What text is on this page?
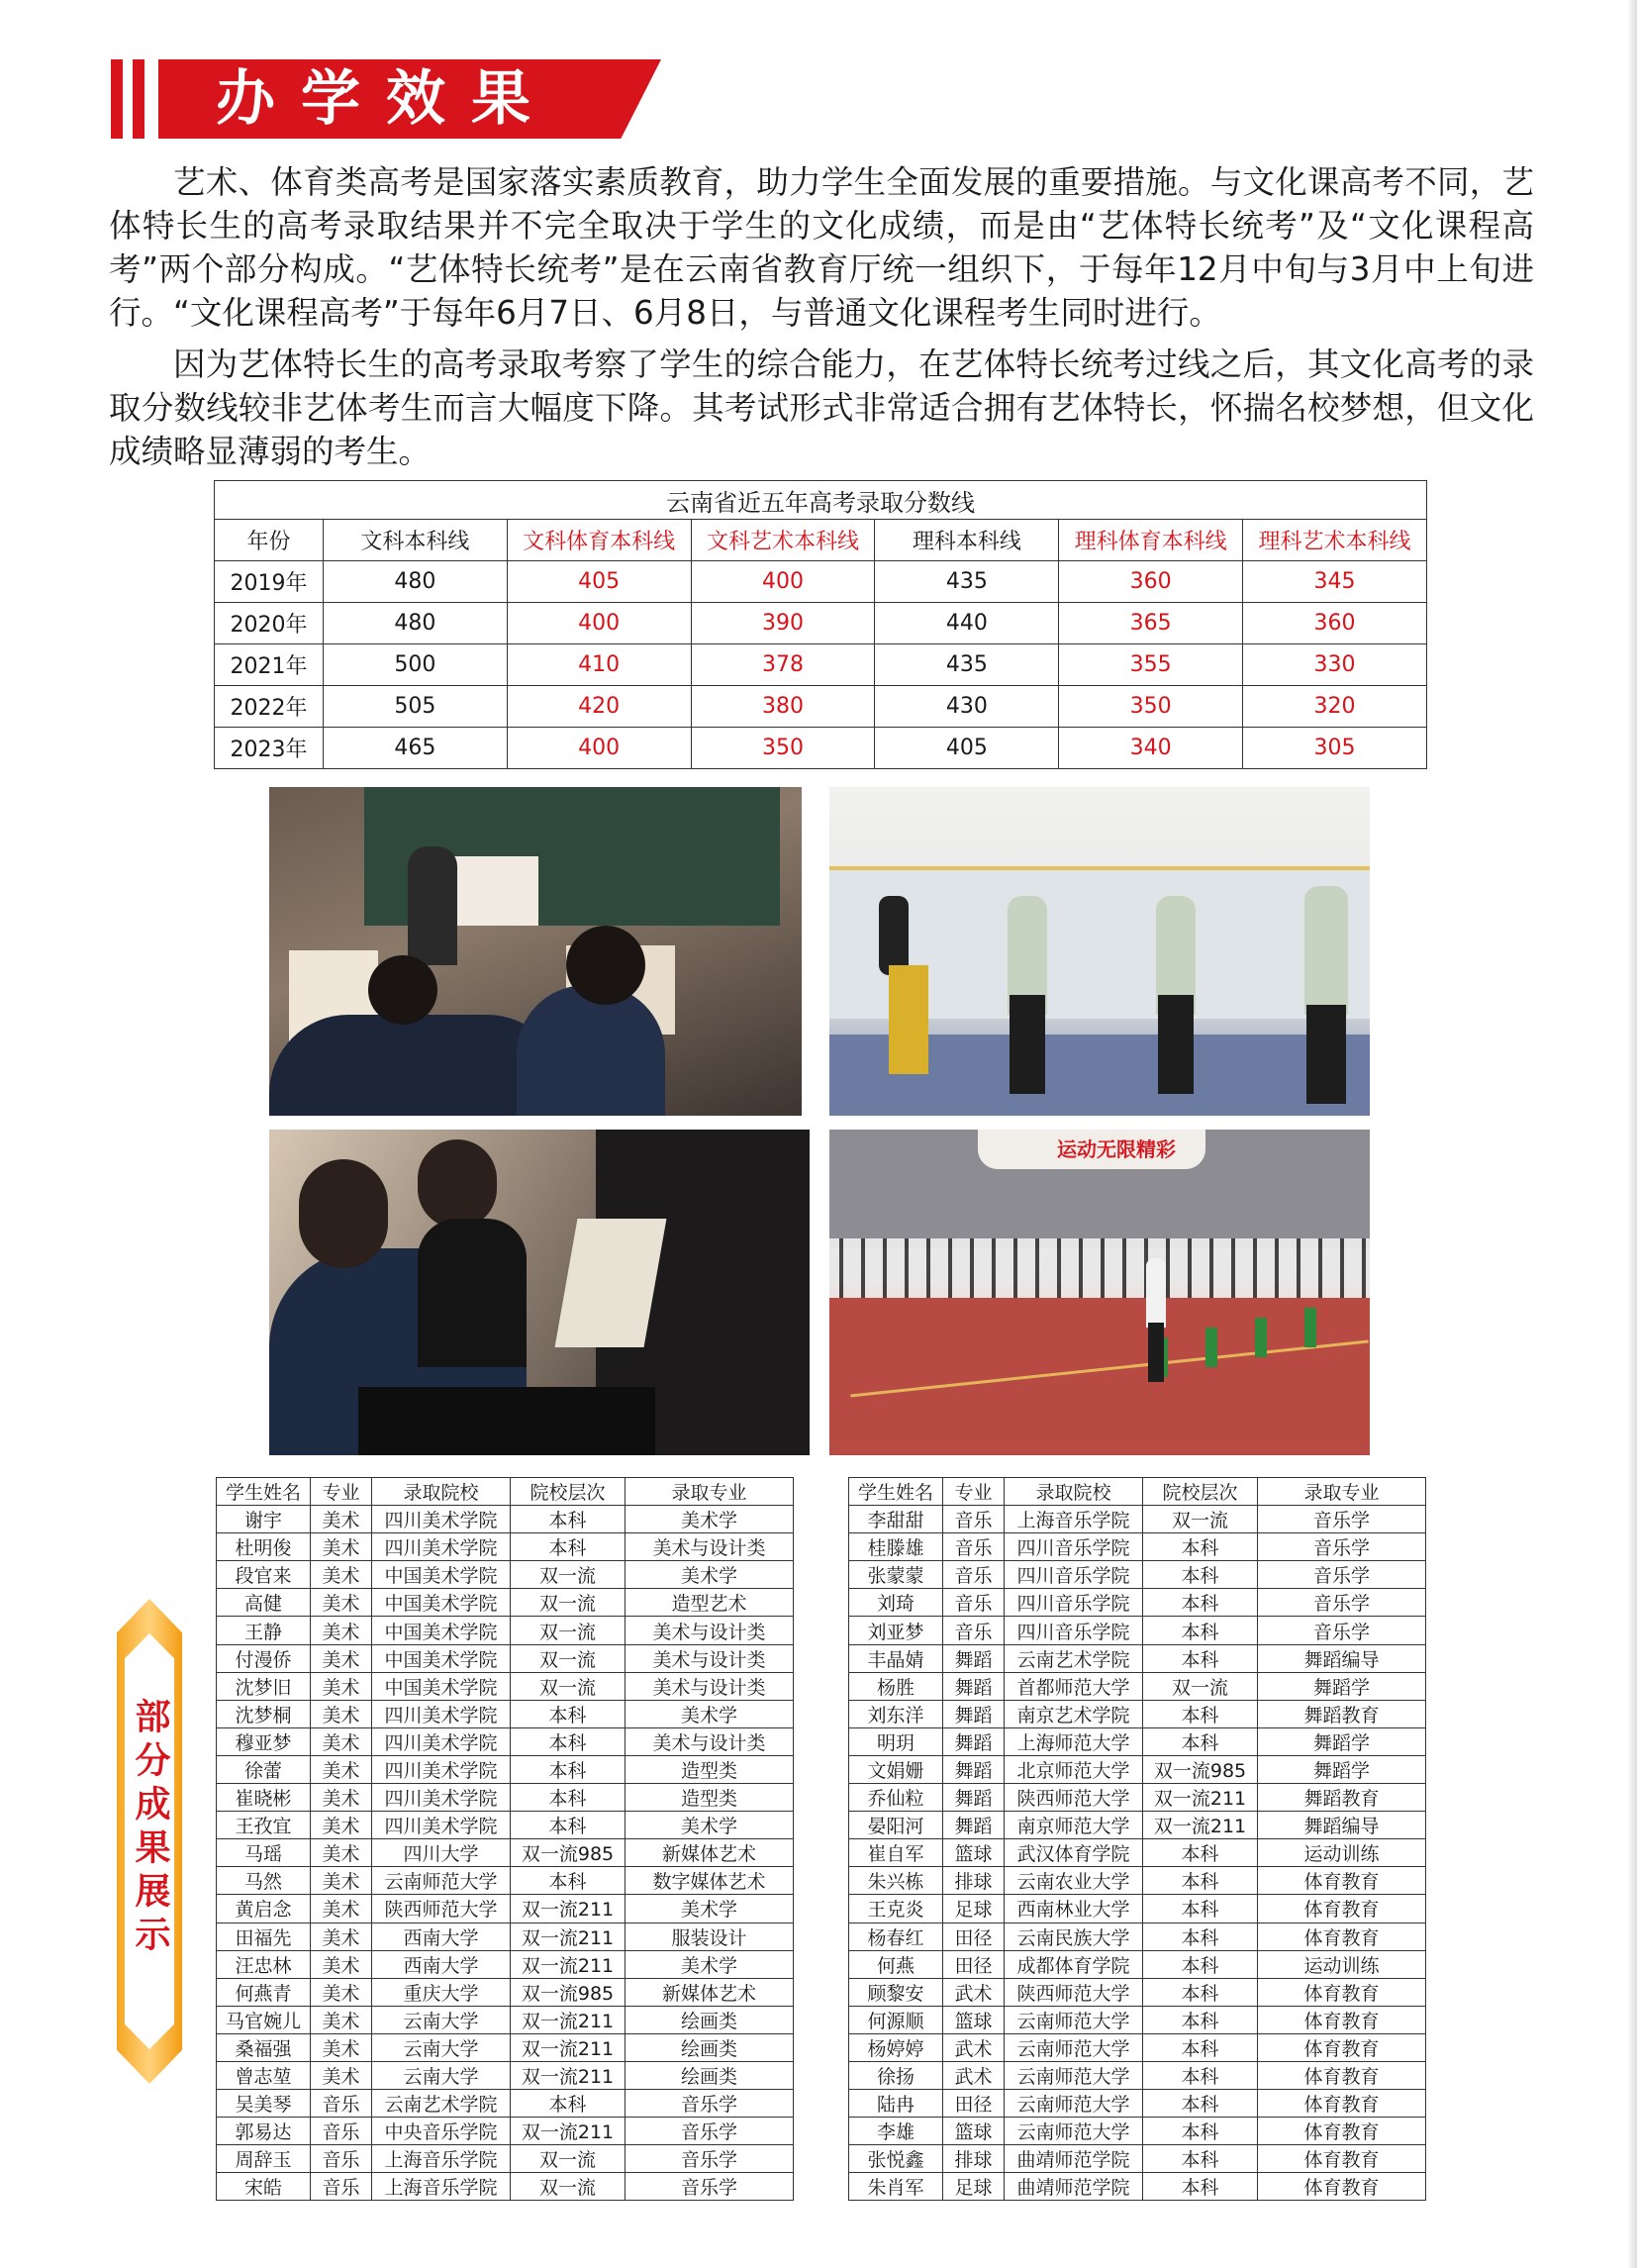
办学效果

艺术、体育类高考是国家落实素质教育，助力学生全面发展的重要措施。与文化课高考不同，艺体特长生的高考录取结果并不完全取决于学生的文化成绩，而是由“艺体特长统考”及“文化课程高考”两个部分构成。“艺体特长统考”是在云南省教育厅统一组织下，于每年12月中旬与3月中上旬进行。“文化课程高考”于每年6月7日、6月8日，与普通文化课程考生同时进行。

因为艺体特长生的高考录取考察了学生的综合能力，在艺体特长统考过线之后，其文化高考的录取分数线较非艺体考生而言大幅度下降。其考试形式非常适合拥有艺体特长，怀揣名校梦想，但文化成绩略显薄弱的考生。

云南省近五年高考录取分数线						
年份	文科本科线	文科体育本科线	文科艺术本科线	理科本科线	理科体育本科线	理科艺术本科线
2019年	480	405	400	435	360	345
2020年	480	400	390	440	365	360
2021年	500	410	378	435	355	330
2022年	505	420	380	430	350	320
2023年	465	400	350	405	340	305
运动无限精彩
部分成果展示
学生姓名	专业	录取院校	院校层次	录取专业
谢宇	美术	四川美术学院	本科	美术学
杜明俊	美术	四川美术学院	本科	美术与设计类
段官来	美术	中国美术学院	双一流	美术学
高健	美术	中国美术学院	双一流	造型艺术
王静	美术	中国美术学院	双一流	美术与设计类
付漫侨	美术	中国美术学院	双一流	美术与设计类
沈梦旧	美术	中国美术学院	双一流	美术与设计类
沈梦桐	美术	四川美术学院	本科	美术学
穆亚梦	美术	四川美术学院	本科	美术与设计类
徐蕾	美术	四川美术学院	本科	造型类
崔晓彬	美术	四川美术学院	本科	造型类
王孜宜	美术	四川美术学院	本科	美术学
马瑶	美术	四川大学	双一流985	新媒体艺术
马然	美术	云南师范大学	本科	数字媒体艺术
黄启念	美术	陕西师范大学	双一流211	美术学
田福先	美术	西南大学	双一流211	服装设计
汪忠林	美术	西南大学	双一流211	美术学
何燕青	美术	重庆大学	双一流985	新媒体艺术
马官婉儿	美术	云南大学	双一流211	绘画类
桑福强	美术	云南大学	双一流211	绘画类
曾志堃	美术	云南大学	双一流211	绘画类
吴美琴	音乐	云南艺术学院	本科	音乐学
郭易达	音乐	中央音乐学院	双一流211	音乐学
周辞玉	音乐	上海音乐学院	双一流	音乐学
宋皓	音乐	上海音乐学院	双一流	音乐学
学生姓名	专业	录取院校	院校层次	录取专业
李甜甜	音乐	上海音乐学院	双一流	音乐学
桂滕雄	音乐	四川音乐学院	本科	音乐学
张蒙蒙	音乐	四川音乐学院	本科	音乐学
刘琦	音乐	四川音乐学院	本科	音乐学
刘亚梦	音乐	四川音乐学院	本科	音乐学
丰晶婧	舞蹈	云南艺术学院	本科	舞蹈编导
杨胜	舞蹈	首都师范大学	双一流	舞蹈学
刘东洋	舞蹈	南京艺术学院	本科	舞蹈教育
明玥	舞蹈	上海师范大学	本科	舞蹈学
文娟姗	舞蹈	北京师范大学	双一流985	舞蹈学
乔仙粒	舞蹈	陕西师范大学	双一流211	舞蹈教育
晏阳河	舞蹈	南京师范大学	双一流211	舞蹈编导
崔自军	篮球	武汉体育学院	本科	运动训练
朱兴栋	排球	云南农业大学	本科	体育教育
王克炎	足球	西南林业大学	本科	体育教育
杨春红	田径	云南民族大学	本科	体育教育
何燕	田径	成都体育学院	本科	运动训练
顾黎安	武术	陕西师范大学	本科	体育教育
何源顺	篮球	云南师范大学	本科	体育教育
杨婷婷	武术	云南师范大学	本科	体育教育
徐扬	武术	云南师范大学	本科	体育教育
陆冉	田径	云南师范大学	本科	体育教育
李雄	篮球	云南师范大学	本科	体育教育
张悦鑫	排球	曲靖师范学院	本科	体育教育
朱肖军	足球	曲靖师范学院	本科	体育教育
